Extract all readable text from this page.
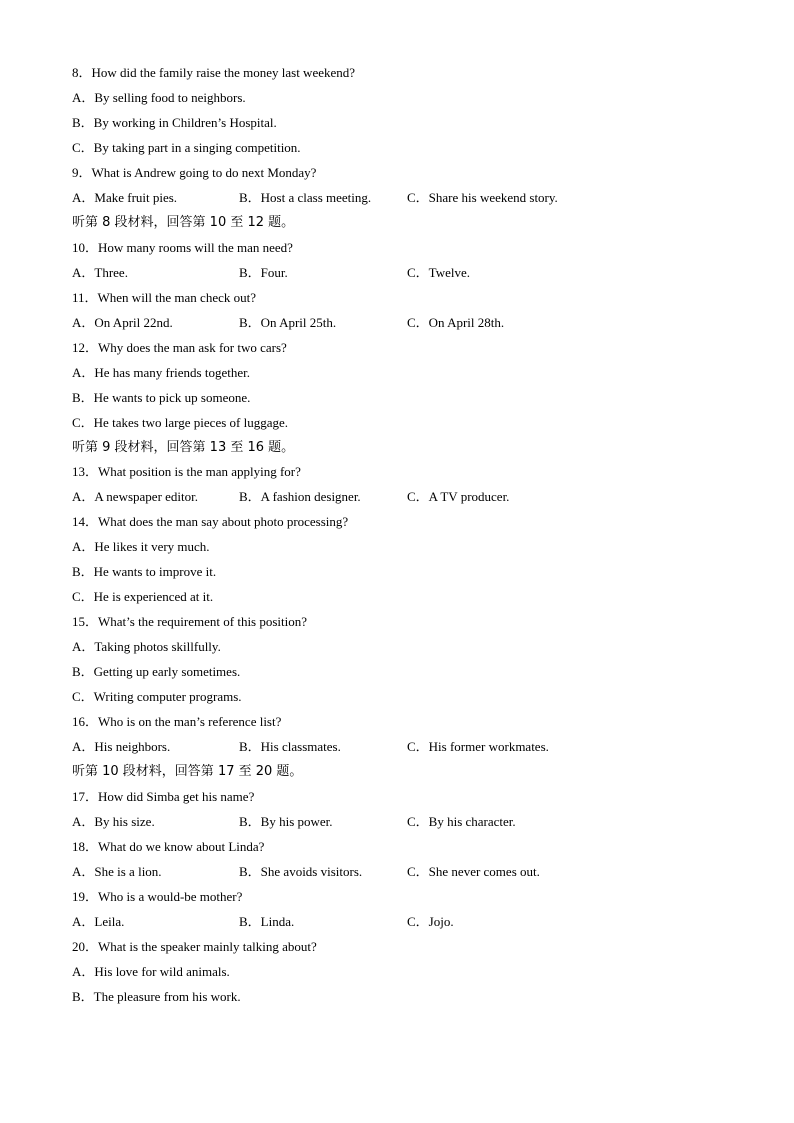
8．How did the family raise the money last weekend?
A．By selling food to neighbors.
B．By working in Children’s Hospital.
C．By taking part in a singing competition.
9．What is Andrew going to do next Monday?
A．Make fruit pies.	B．Host a class meeting.	C．Share his weekend story.
听第 8 段材料，回答第 10 至 12 题。
10．How many rooms will the man need?
A．Three.	B．Four.	C．Twelve.
11．When will the man check out?
A．On April 22nd.	B．On April 25th.	C．On April 28th.
12．Why does the man ask for two cars?
A．He has many friends together.
B．He wants to pick up someone.
C．He takes two large pieces of luggage.
听第 9 段材料，回答第 13 至 16 题。
13．What position is the man applying for?
A．A newspaper editor.	B．A fashion designer.	C．A TV producer.
14．What does the man say about photo processing?
A．He likes it very much.
B．He wants to improve it.
C．He is experienced at it.
15．What’s the requirement of this position?
A．Taking photos skillfully.
B．Getting up early sometimes.
C．Writing computer programs.
16．Who is on the man’s reference list?
A．His neighbors.	B．His classmates.	C．His former workmates.
听第 10 段材料，回答第 17 至 20 题。
17．How did Simba get his name?
A．By his size.	B．By his power.	C．By his character.
18．What do we know about Linda?
A．She is a lion.	B．She avoids visitors.	C．She never comes out.
19．Who is a would-be mother?
A．Leila.	B．Linda.	C．Jojo.
20．What is the speaker mainly talking about?
A．His love for wild animals.
B．The pleasure from his work.
